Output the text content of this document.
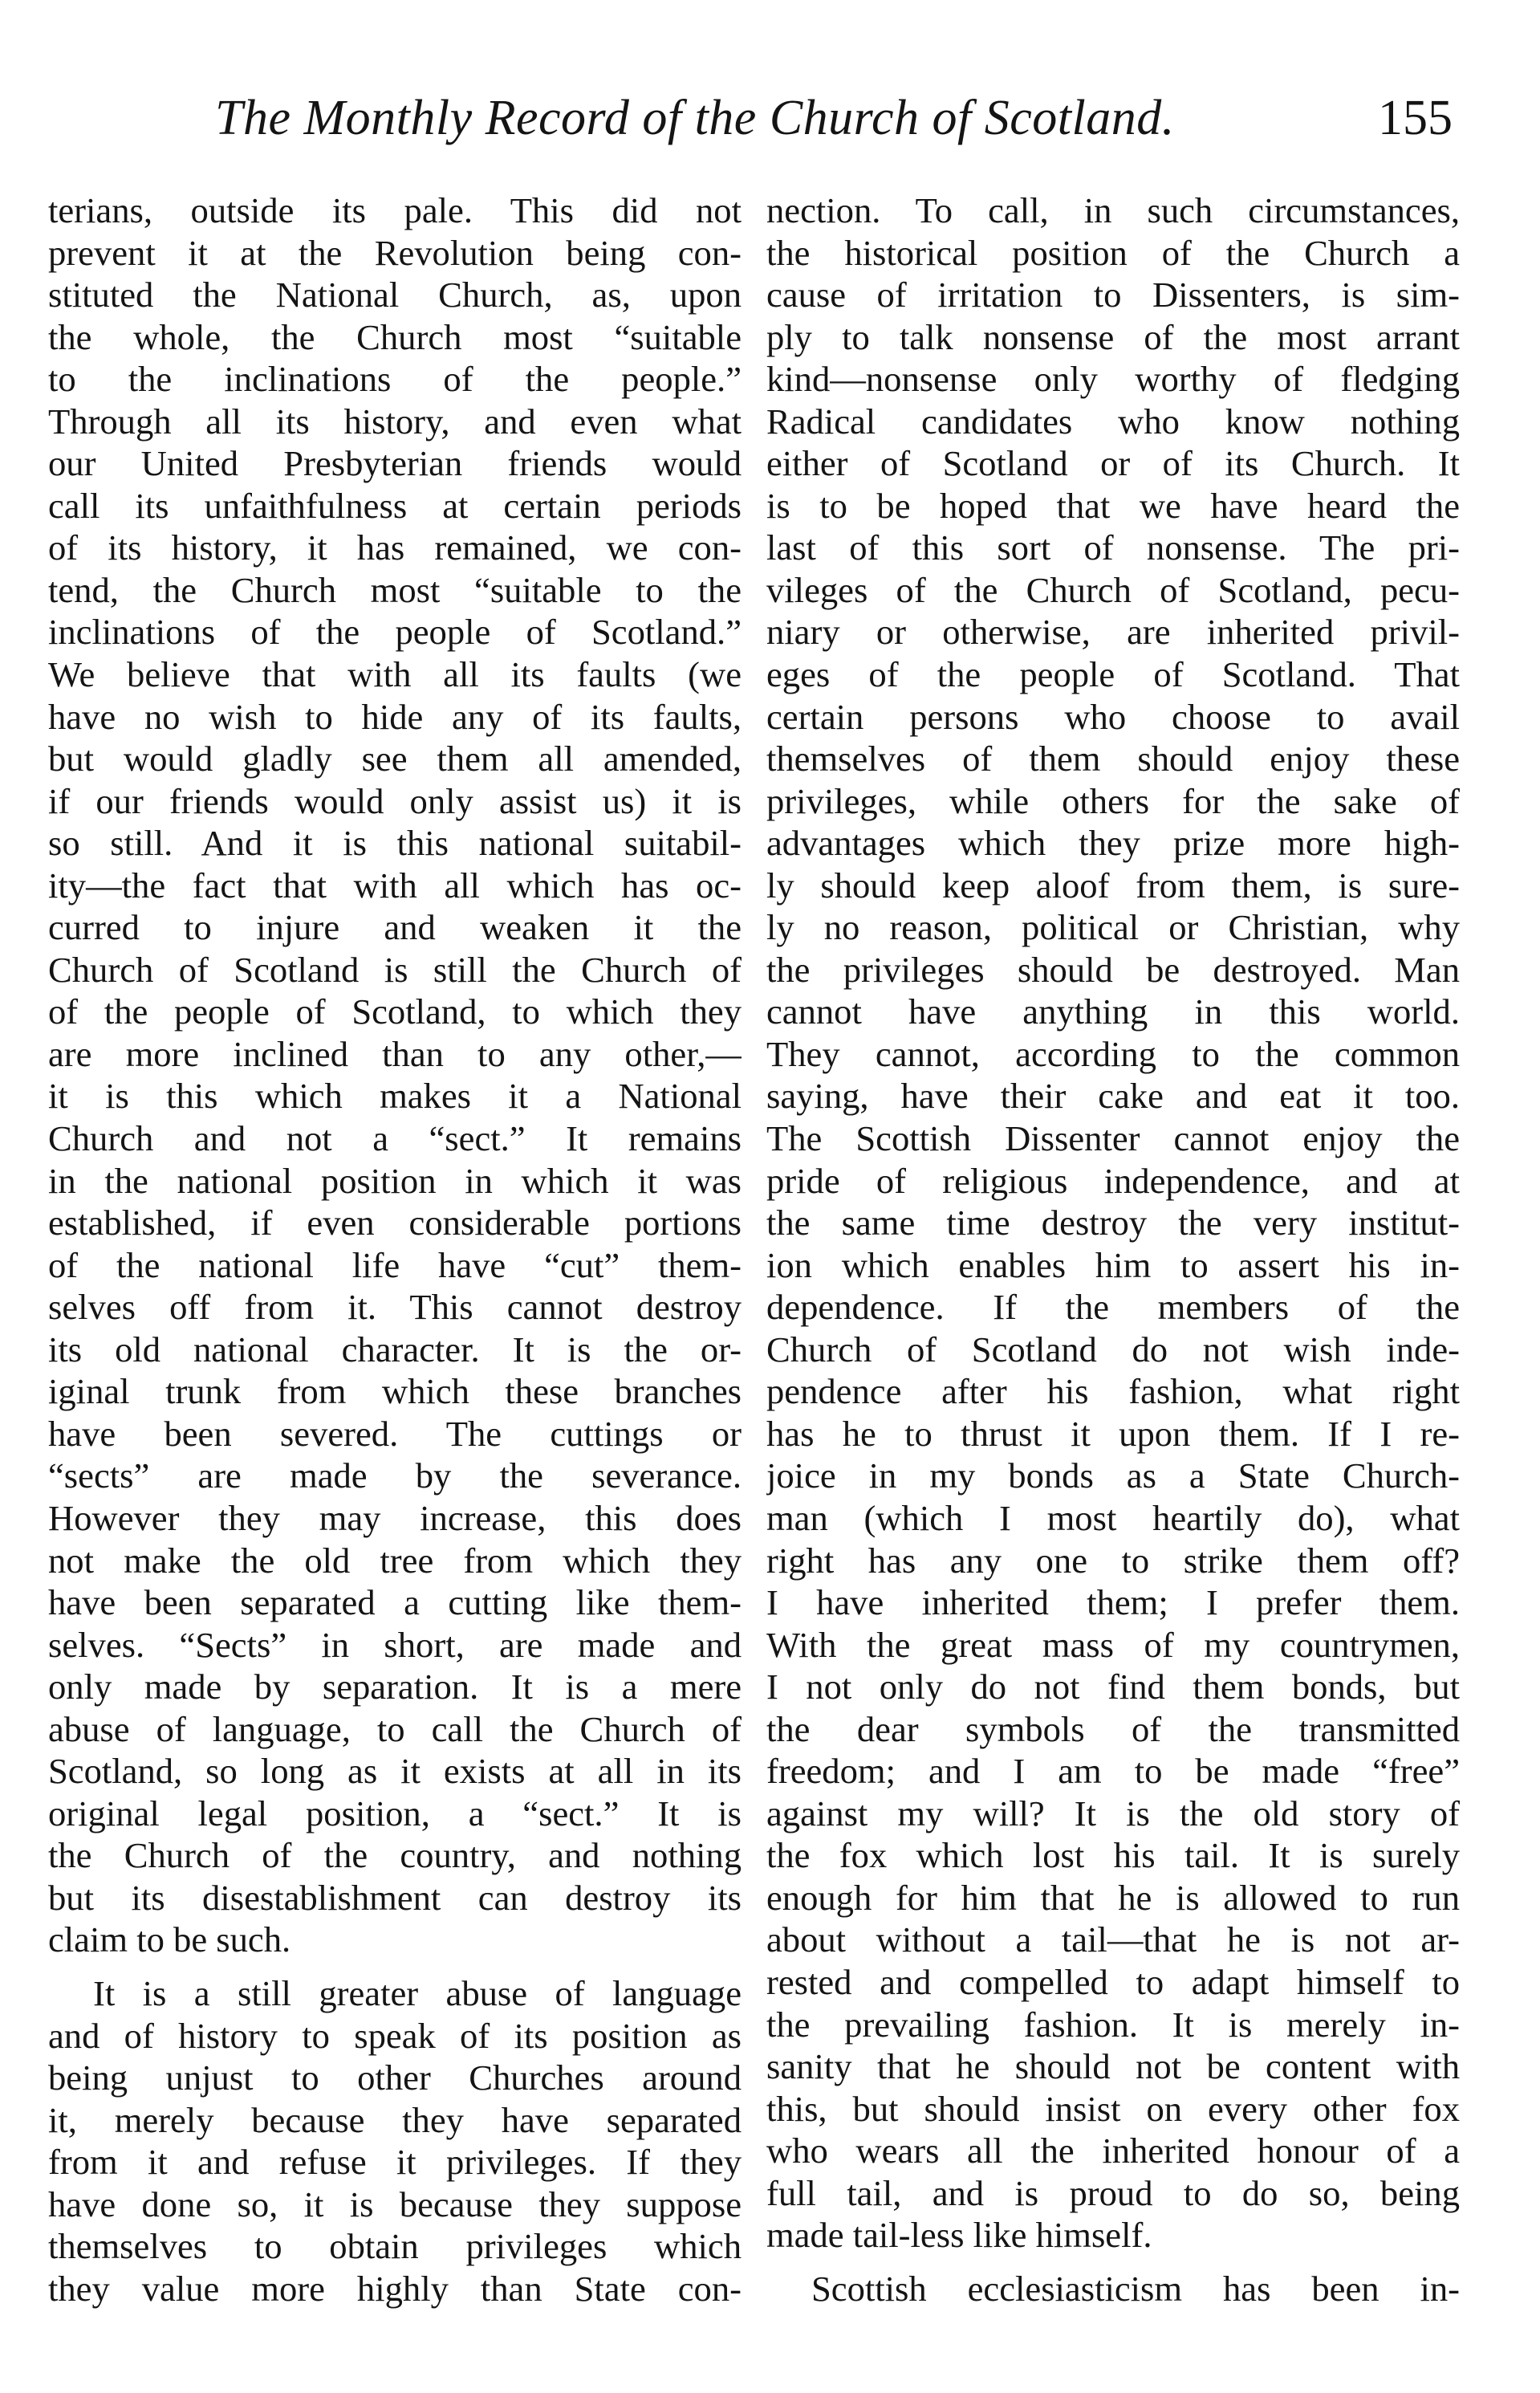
The Monthly Record of the Church of Scotland.	155
terians, outside its pale. This did not
prevent it at the Revolution being con-
stituted the National Church, as, upon
the whole, the Church most “suitable
to the inclinations of the people.”
Through all its history, and even what
our United Presbyterian friends would
call its unfaithfulness at certain periods
of its history, it has remained, we con-
tend, the Church most “suitable to the
inclinations of the people of Scotland.”
We believe that with all its faults (we
have no wish to hide any of its faults,
but would gladly see them all amended,
if our friends would only assist us) it is
so still. And it is this national suitabil-
ity—the fact that with all which has oc-
curred to injure and weaken it the
Church of Scotland is still the Church of
of the people of Scotland, to which they
are more inclined than to any other,—
it is this which makes it a National
Church and not a “sect.” It remains
in the national position in which it was
established, if even considerable portions
of the national life have “cut” them-
selves off from it. This cannot destroy
its old national character. It is the or-
iginal trunk from which these branches
have been severed. The cuttings or
“sects” are made by the severance.
However they may increase, this does
not make the old tree from which they
have been separated a cutting like them-
selves. “Sects” in short, are made and
only made by separation. It is a mere
abuse of language, to call the Church of
Scotland, so long as it exists at all in its
original legal position, a “sect.” It is
the Church of the country, and nothing
but its disestablishment can destroy its
claim to be such.
It is a still greater abuse of language
and of history to speak of its position as
being unjust to other Churches around
it, merely because they have separated
from it and refuse it privileges. If they
have done so, it is because they suppose
themselves to obtain privileges which
they value more highly than State con-
nection. To call, in such circumstances,
the historical position of the Church a
cause of irritation to Dissenters, is sim-
ply to talk nonsense of the most arrant
kind—nonsense only worthy of fledging
Radical candidates who know nothing
either of Scotland or of its Church. It
is to be hoped that we have heard the
last of this sort of nonsense. The pri-
vileges of the Church of Scotland, pecu-
niary or otherwise, are inherited privil-
eges of the people of Scotland. That
certain persons who choose to avail
themselves of them should enjoy these
privileges, while others for the sake of
advantages which they prize more high-
ly should keep aloof from them, is sure-
ly no reason, political or Christian, why
the privileges should be destroyed. Man
cannot have anything in this world.
They cannot, according to the common
saying, have their cake and eat it too.
The Scottish Dissenter cannot enjoy the
pride of religious independence, and at
the same time destroy the very institut-
ion which enables him to assert his in-
dependence. If the members of the
Church of Scotland do not wish inde-
pendence after his fashion, what right
has he to thrust it upon them. If I re-
joice in my bonds as a State Church-
man (which I most heartily do), what
right has any one to strike them off?
I have inherited them; I prefer them.
With the great mass of my countrymen,
I not only do not find them bonds, but
the dear symbols of the transmitted
freedom; and I am to be made “free”
against my will? It is the old story of
the fox which lost his tail. It is surely
enough for him that he is allowed to run
about without a tail—that he is not ar-
rested and compelled to adapt himself to
the prevailing fashion. It is merely in-
sanity that he should not be content with
this, but should insist on every other fox
who wears all the inherited honour of a
full tail, and is proud to do so, being
made tail-less like himself.
Scottish ecclesiasticism has been in-
